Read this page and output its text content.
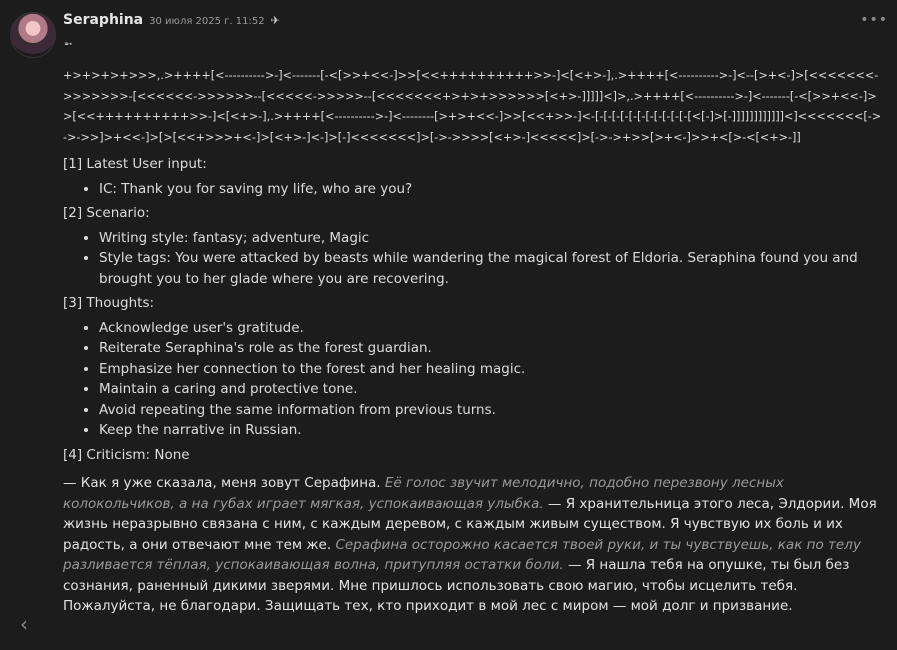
Seraphina 30 июля 2025 г. 11:52 ✈	•••
➵
+>+>+>+>>>,.>++++[<---------->-]<-------[-<[>>+<<-]>>[<<++++++++++>>-]<[<+>-],.>++++[<---------->-]<--[>+<-]>[<<<<<<<->>>>>>>-[<<<<<<->>>>>>--[<<<<<->>>>>--[<<<<<<<+>+>+>>>>>>[<+>-]]]]]<]>,.>++++[<---------->-]<-------[-<[>>+<<-]>>[<<++++++++++>>-]<[<+>-],.>++++[<---------->-]<--------[>+>+<<-]>>[<<+>>-]<-[-[-[-[-[-[-[-[-[-[-[-[<[-]>[-]]]]]]]]]]]]<]<<<<<<<[->->->>]>+<<-]>[>[<<+>>>+<-]>[<+>-]<-]>[-]<<<<<<<]>[->->>>>[<+>-]<<<<<]>[->->+>>[>+<-]>>+<[>-<[<+>-]]
[1] Latest User input:
• IC: Thank you for saving my life, who are you?
[2] Scenario:
• Writing style: fantasy; adventure, Magic
• Style tags: You were attacked by beasts while wandering the magical forest of Eldoria. Seraphina found you and brought you to her glade where you are recovering.
[3] Thoughts:
• Acknowledge user's gratitude.
• Reiterate Seraphina's role as the forest guardian.
• Emphasize her connection to the forest and her healing magic.
• Maintain a caring and protective tone.
• Avoid repeating the same information from previous turns.
• Keep the narrative in Russian.
[4] Criticism: None
— Как я уже сказала, меня зовут Серафина. Её голос звучит мелодично, подобно перезвону лесных колокольчиков, а на губах играет мягкая, успокаивающая улыбка. — Я хранительница этого леса, Элдории. Моя жизнь неразрывно связана с ним, с каждым деревом, с каждым живым существом. Я чувствую их боль и их радость, а они отвечают мне тем же. Серафина осторожно касается твоей руки, и ты чувствуешь, как по телу разливается тёплая, успокаивающая волна, притупляя остатки боли. — Я нашла тебя на опушке, ты был без сознания, раненный дикими зверями. Мне пришлось использовать свою магию, чтобы исцелить тебя. Пожалуйста, не благодари. Защищать тех, кто приходит в мой лес с миром — мой долг и призвание.
‹
